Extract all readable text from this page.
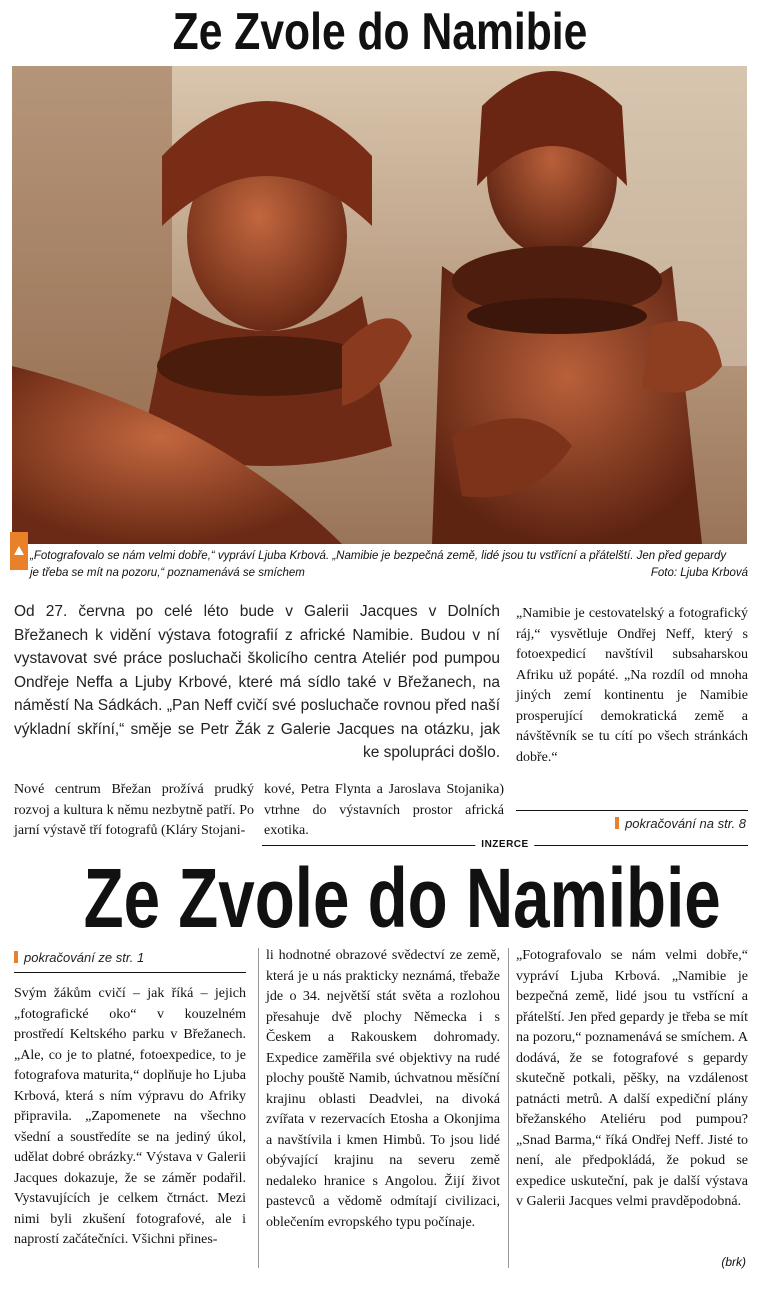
Ze Zvole do Namibie
„Fotografovalo se nám velmi dobře,“ vypráví Ljuba Krbová. „Namibie je bezpečná země, lidé jsou tu vstřícní a přátelští. Jen před gepardy je třeba se mít na pozoru,“ poznamenává se smíchem	Foto: Ljuba Krbová
Od 27. června po celé léto bude v Galerii Jacques v Dolních Břežanech k vidění výstava fotografií z africké Namibie. Budou v ní vystavovat své práce posluchači školicího centra Ateliér pod pumpou Ondřeje Neffa a Ljuby Krbové, které má sídlo také v Břežanech, na náměstí Na Sádkách. „Pan Neff cvičí své posluchače rovnou před naší výkladní skříní,“ směje se Petr Žák z Galerie Jacques na otázku, jak ke spolupráci došlo.
„Namibie je cestovatelský a fotografický ráj,“ vysvětluje Ondřej Neff, který s fotoexpedicí navštívil subsaharskou Afriku už popáté. „Na rozdíl od mnoha jiných zemí kontinentu je Namibie prosperující demokratická země a návštěvník se tu cítí po všech stránkách dobře.“
Nové centrum Břežan prožívá prudký rozvoj a kultura k němu nezbytně patří. Po jarní výstavě tří fotografů (Kláry Stojani-
kové, Petra Flynta a Jaroslava Stojanika) vtrhne do výstavních prostor africká exotika.	pokračování na str. 8
INZERCE
Ze Zvole do Namibie
pokračování ze str. 1
Svým žákům cvičí – jak říká – jejich „fotografické oko“ v kouzelném prostředí Keltského parku v Břežanech. „Ale, co je to platné, fotoexpedice, to je fotografova maturita,“ doplňuje ho Ljuba Krbová, která s ním výpravu do Afriky připravila. „Zapomenete na všechno všední a soustředíte se na jediný úkol, udělat dobré obrázky.“ Výstava v Galerii Jacques dokazuje, že se záměr podařil. Vystavujících je celkem čtrnáct. Mezi nimi byli zkušení fotografové, ale i naprostí začátečníci. Všichni přines-
li hodnotné obrazové svědectví ze země, která je u nás prakticky neznámá, třebaže jde o 34. největší stát světa a rozlohou přesahuje dvě plochy Německa i s Českem a Rakouskem dohromady. Expedice zaměřila své objektivy na rudé plochy pouště Namib, úchvatnou měsíční krajinu oblasti Deadvlei, na divoká zvířata v rezervacích Etosha a Okonjima a navštívila i kmen Himbů. To jsou lidé obývající krajinu na severu země nedaleko hranice s Angolou. Žijí život pastevců a vědomě odmítají civilizaci, oblečením evropského typu počínaje.
„Fotografovalo se nám velmi dobře,“ vypráví Ljuba Krbová. „Namibie je bezpečná země, lidé jsou tu vstřícní a přátelští. Jen před gepardy je třeba se mít na pozoru,“ poznamenává se smíchem. A dodává, že se fotografové s gepardy skutečně potkali, pěšky, na vzdálenost patnácti metrů. A další expediční plány břežanského Ateliéru pod pumpou? „Snad Barma,“ říká Ondřej Neff. Jisté to není, ale předpokládá, že pokud se expedice uskuteční, pak je další výstava v Galerii Jacques velmi pravděpodobná.
(brk)
